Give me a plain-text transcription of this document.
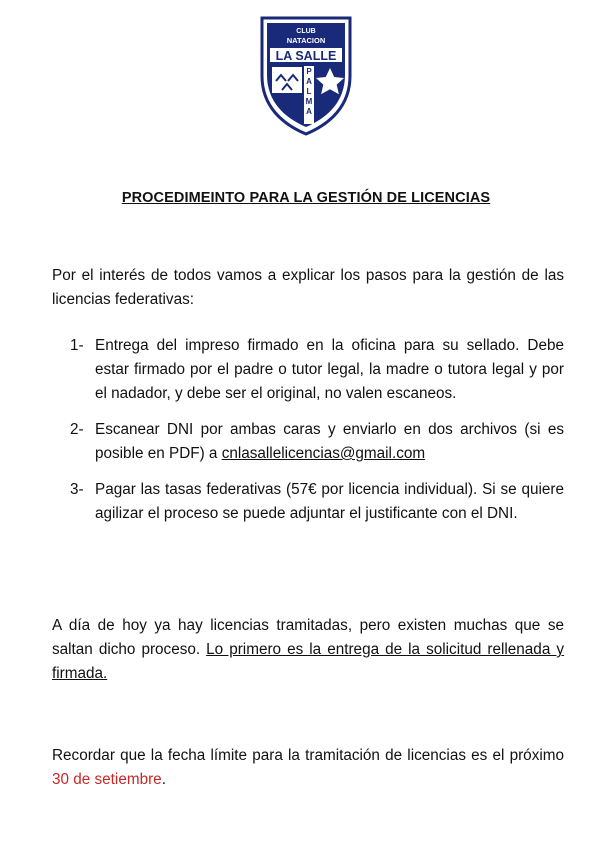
CLUB
NATACION
LA SALLE
P
A
L
M
A
PROCEDIMEINTO PARA LA GESTIÓN DE LICENCIAS
Por el interés de todos vamos a explicar los pasos para la gestión de las licencias federativas:
1- Entrega del impreso firmado en la oficina para su sellado. Debe estar firmado por el padre o tutor legal, la madre o tutora legal y por el nadador, y debe ser el original, no valen escaneos.
2- Escanear DNI por ambas caras y enviarlo en dos archivos (si es posible en PDF) a cnlasallelicencias@gmail.com
3- Pagar las tasas federativas (57€ por licencia individual). Si se quiere agilizar el proceso se puede adjuntar el justificante con el DNI.
A día de hoy ya hay licencias tramitadas, pero existen muchas que se saltan dicho proceso. Lo primero es la entrega de la solicitud rellenada y firmada.
Recordar que la fecha límite para la tramitación de licencias es el próximo 30 de setiembre.
